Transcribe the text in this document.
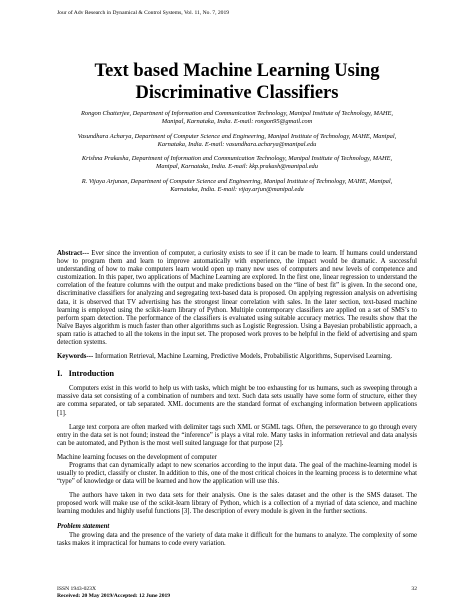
Jour of Adv Research in Dynamical & Control Systems, Vol. 11, No. 7, 2019
Text based Machine Learning Using
Discriminative Classifiers
Rongon Chatterjee, Department of Information and Communication Technology, Manipal Institute of Technology, MAHE,
Manipal, Karnataka, India. E-mail: rongon95@gmail.com
Vasundhara Acharya, Department of Computer Science and Engineering, Manipal Institute of Technology, MAHE, Manipal,
Karnataka, India. E-mail: vasundhara.acharya@manipal.edu
Krishna Prakasha, Department of Information and Communication Technology, Manipal Institute of Technology, MAHE,
Manipal, Karnataka, India. E-mail: kkp.prakash@manipal.edu
R. Vijaya Arjunan, Department of Computer Science and Engineering, Manipal Institute of Technology, MAHE, Manipal,
Karnataka, India. E-mail: vijay.arjun@manipal.edu

Abstract--- Ever since the invention of computer, a curiosity exists to see if it can be made to learn. If humans could understand how to program them and learn to improve automatically with experience, the impact would be dramatic. A successful understanding of how to make computers learn would open up many new uses of computers and new levels of competence and customization. In this paper, two applications of Machine Learning are explored. In the first one, linear regression to understand the correlation of the feature columns with the output and make predictions based on the “line of best fit” is given. In the second one, discriminative classifiers for analyzing and segregating text-based data is proposed. On applying regression analysis on advertising data, it is observed that TV advertising has the strongest linear correlation with sales. In the later section, text-based machine learning is employed using the scikit-learn library of Python. Multiple contemporary classifiers are applied on a set of SMS’s to perform spam detection. The performance of the classifiers is evaluated using suitable accuracy metrics. The results show that the Naïve Bayes algorithm is much faster than other algorithms such as Logistic Regression. Using a Bayesian probabilistic approach, a spam ratio is attached to all the tokens in the input set. The proposed work proves to be helpful in the field of advertising and spam detection systems.

Keywords--- Information Retrieval, Machine Learning, Predictive Models, Probabilistic Algorithms, Supervised Learning.

I.   Introduction

Computers exist in this world to help us with tasks, which might be too exhausting for us humans, such as sweeping through a massive data set consisting of a combination of numbers and text. Such data sets usually have some form of structure, either they are comma separated, or tab separated. XML documents are the standard format of exchanging information between applications [1].

Large text corpora are often marked with delimiter tags such XML or SGML tags. Often, the perseverance to go through every entry in the data set is not found; instead the “inference” is plays a vital role. Many tasks in information retrieval and data analysis can be automated, and Python is the most well suited language for that purpose [2].

Machine learning focuses on the development of computer

Programs that can dynamically adapt to new scenarios according to the input data. The goal of the machine-learning model is usually to predict, classify or cluster. In addition to this, one of the most critical choices in the learning process is to determine what “type” of knowledge or data will be learned and how the application will use this.

The authors have taken in two data sets for their analysis. One is the sales dataset and the other is the SMS dataset. The proposed work will make use of the scikit-learn library of Python, which is a collection of a myriad of data science, and machine learning modules and highly useful functions [3]. The description of every module is given in the further sections.

Problem statement

The growing data and the presence of the variety of data make it difficult for the humans to analyze. The complexity of some tasks makes it impractical for humans to code every variation.

ISSN 1943-023X	32
Received: 20 May 2019/Accepted: 12 June 2019
